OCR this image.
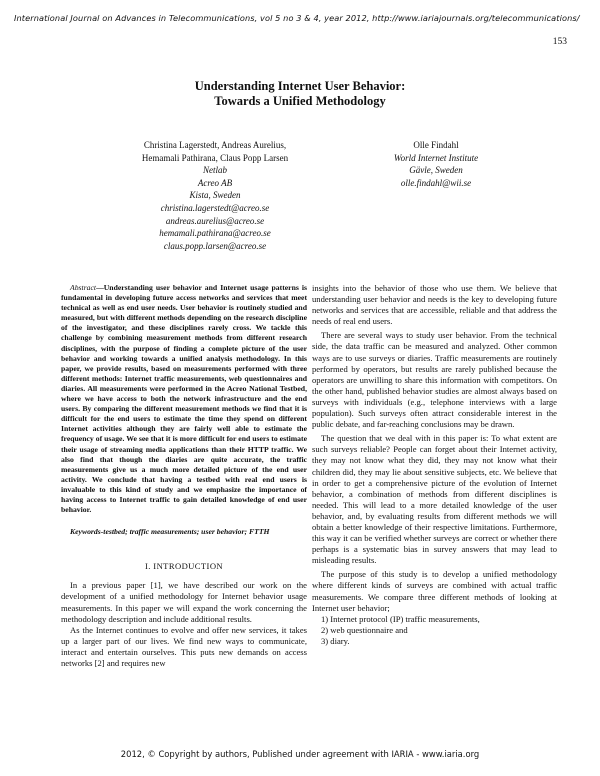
International Journal on Advances in Telecommunications, vol 5 no 3 & 4, year 2012, http://www.iariajournals.org/telecommunications/
153
Understanding Internet User Behavior:
Towards a Unified Methodology
Christina Lagerstedt, Andreas Aurelius,
Hemamali Pathirana, Claus Popp Larsen
Netlab
Acreo AB
Kista, Sweden
christina.lagerstedt@acreo.se
andreas.aurelius@acreo.se
hemamali.pathirana@acreo.se
claus.popp.larsen@acreo.se
Olle Findahl
World Internet Institute
Gävle, Sweden
olle.findahl@wii.se

Abstract—Understanding user behavior and Internet usage patterns is fundamental in developing future access networks and services that meet technical as well as end user needs. User behavior is routinely studied and measured, but with different methods depending on the research discipline of the investigator, and these disciplines rarely cross. We tackle this challenge by combining measurement methods from different research disciplines, with the purpose of finding a complete picture of the user behavior and working towards a unified analysis methodology. In this paper, we provide results, based on measurements performed with three different methods: Internet traffic measurements, web questionnaires and diaries. All measurements were performed in the Acreo National Testbed, where we have access to both the network infrastructure and the end users. By comparing the different measurement methods we find that it is difficult for the end users to estimate the time they spend on different Internet activities although they are fairly well able to estimate the frequency of usage. We see that it is more difficult for end users to estimate their usage of streaming media applications than their HTTP traffic. We also find that though the diaries are quite accurate, the traffic measurements give us a much more detailed picture of the end user activity. We conclude that having a testbed with real end users is invaluable to this kind of study and we emphasize the importance of having access to Internet traffic to gain detailed knowledge of end user behavior.

Keywords-testbed; traffic measurements; user behavior; FTTH

I. INTRODUCTION

In a previous paper [1], we have described our work on the development of a unified methodology for Internet behavior usage measurements. In this paper we will expand the work concerning the methodology description and include additional results.

As the Internet continues to evolve and offer new services, it takes up a larger part of our lives. We find new ways to communicate, interact and entertain ourselves. This puts new demands on access networks [2] and requires new

insights into the behavior of those who use them. We believe that understanding user behavior and needs is the key to developing future networks and services that are accessible, reliable and that address the needs of real end users.

There are several ways to study user behavior. From the technical side, the data traffic can be measured and analyzed. Other common ways are to use surveys or diaries. Traffic measurements are routinely performed by operators, but results are rarely published because the operators are unwilling to share this information with competitors. On the other hand, published behavior studies are almost always based on surveys with individuals (e.g., telephone interviews with a large population). Such surveys often attract considerable interest in the public debate, and far-reaching conclusions may be drawn.

The question that we deal with in this paper is: To what extent are such surveys reliable? People can forget about their Internet activity, they may not know what they did, they may not know what their children did, they may lie about sensitive subjects, etc. We believe that in order to get a comprehensive picture of the evolution of Internet behavior, a combination of methods from different disciplines is needed. This will lead to a more detailed knowledge of the user behavior, and, by evaluating results from different methods we will obtain a better knowledge of their respective limitations. Furthermore, this way it can be verified whether surveys are correct or whether there perhaps is a systematic bias in survey answers that may lead to misleading results.

The purpose of this study is to develop a unified methodology where different kinds of surveys are combined with actual traffic measurements. We compare three different methods of looking at Internet user behavior;

1) Internet protocol (IP) traffic measurements,

2) web questionnaire and

3) diary.

2012, © Copyright by authors, Published under agreement with IARIA - www.iaria.org
